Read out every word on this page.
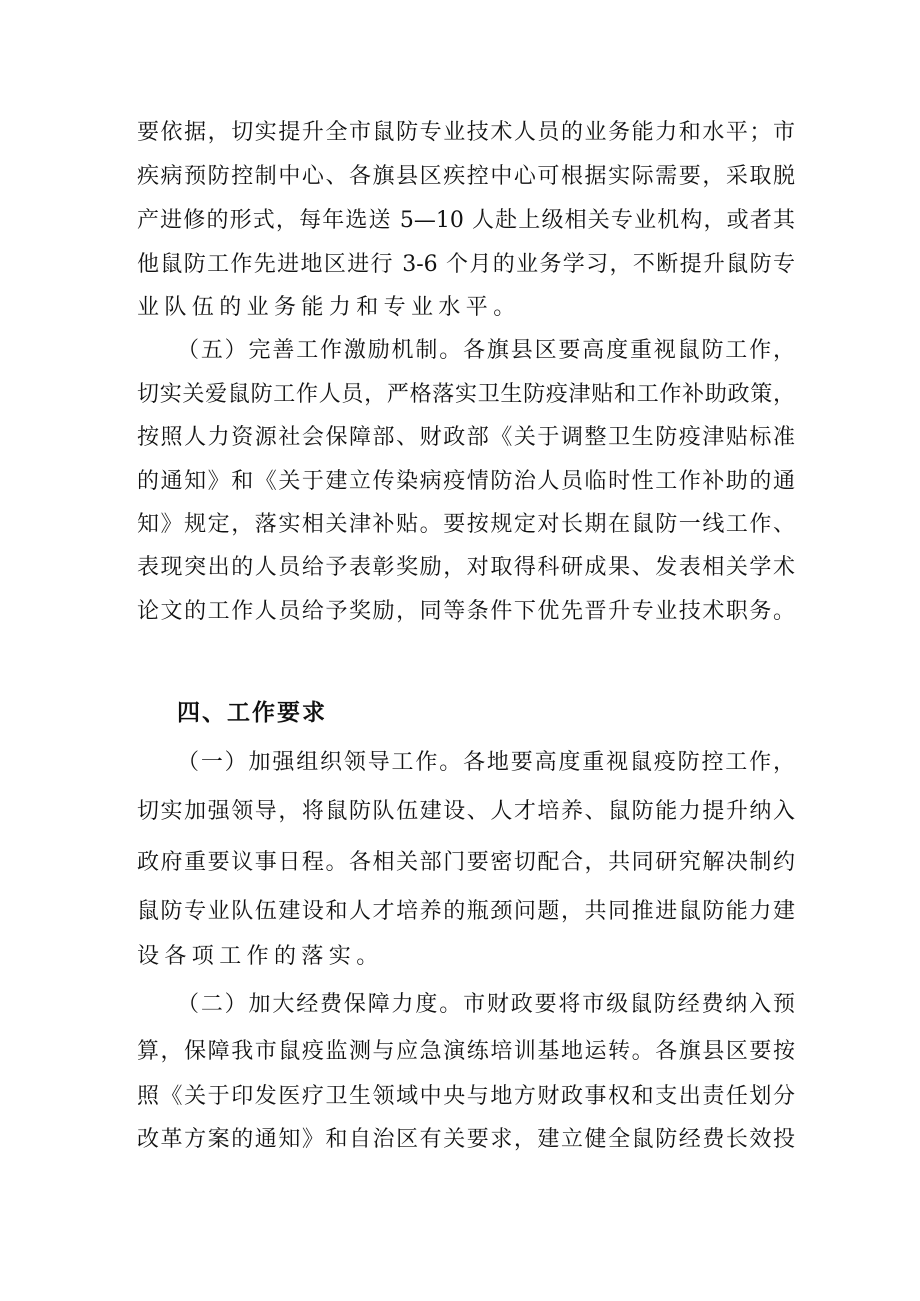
要依据，切实提升全市鼠防专业技术人员的业务能力和水平；市
疾病预防控制中心、各旗县区疾控中心可根据实际需要，采取脱
产进修的形式，每年选送 5—10 人赴上级相关专业机构，或者其
他鼠防工作先进地区进行 3-6 个月的业务学习，不断提升鼠防专
业队伍的业务能力和专业水平。
（五）完善工作激励机制。各旗县区要高度重视鼠防工作，
切实关爱鼠防工作人员，严格落实卫生防疫津贴和工作补助政策，
按照人力资源社会保障部、财政部《关于调整卫生防疫津贴标准
的通知》和《关于建立传染病疫情防治人员临时性工作补助的通
知》规定，落实相关津补贴。要按规定对长期在鼠防一线工作、
表现突出的人员给予表彰奖励，对取得科研成果、发表相关学术
论文的工作人员给予奖励，同等条件下优先晋升专业技术职务。
四、工作要求
（一）加强组织领导工作。各地要高度重视鼠疫防控工作，
切实加强领导，将鼠防队伍建设、人才培养、鼠防能力提升纳入
政府重要议事日程。各相关部门要密切配合，共同研究解决制约
鼠防专业队伍建设和人才培养的瓶颈问题，共同推进鼠防能力建
设各项工作的落实。
（二）加大经费保障力度。市财政要将市级鼠防经费纳入预
算，保障我市鼠疫监测与应急演练培训基地运转。各旗县区要按
照《关于印发医疗卫生领域中央与地方财政事权和支出责任划分
改革方案的通知》和自治区有关要求，建立健全鼠防经费长效投
